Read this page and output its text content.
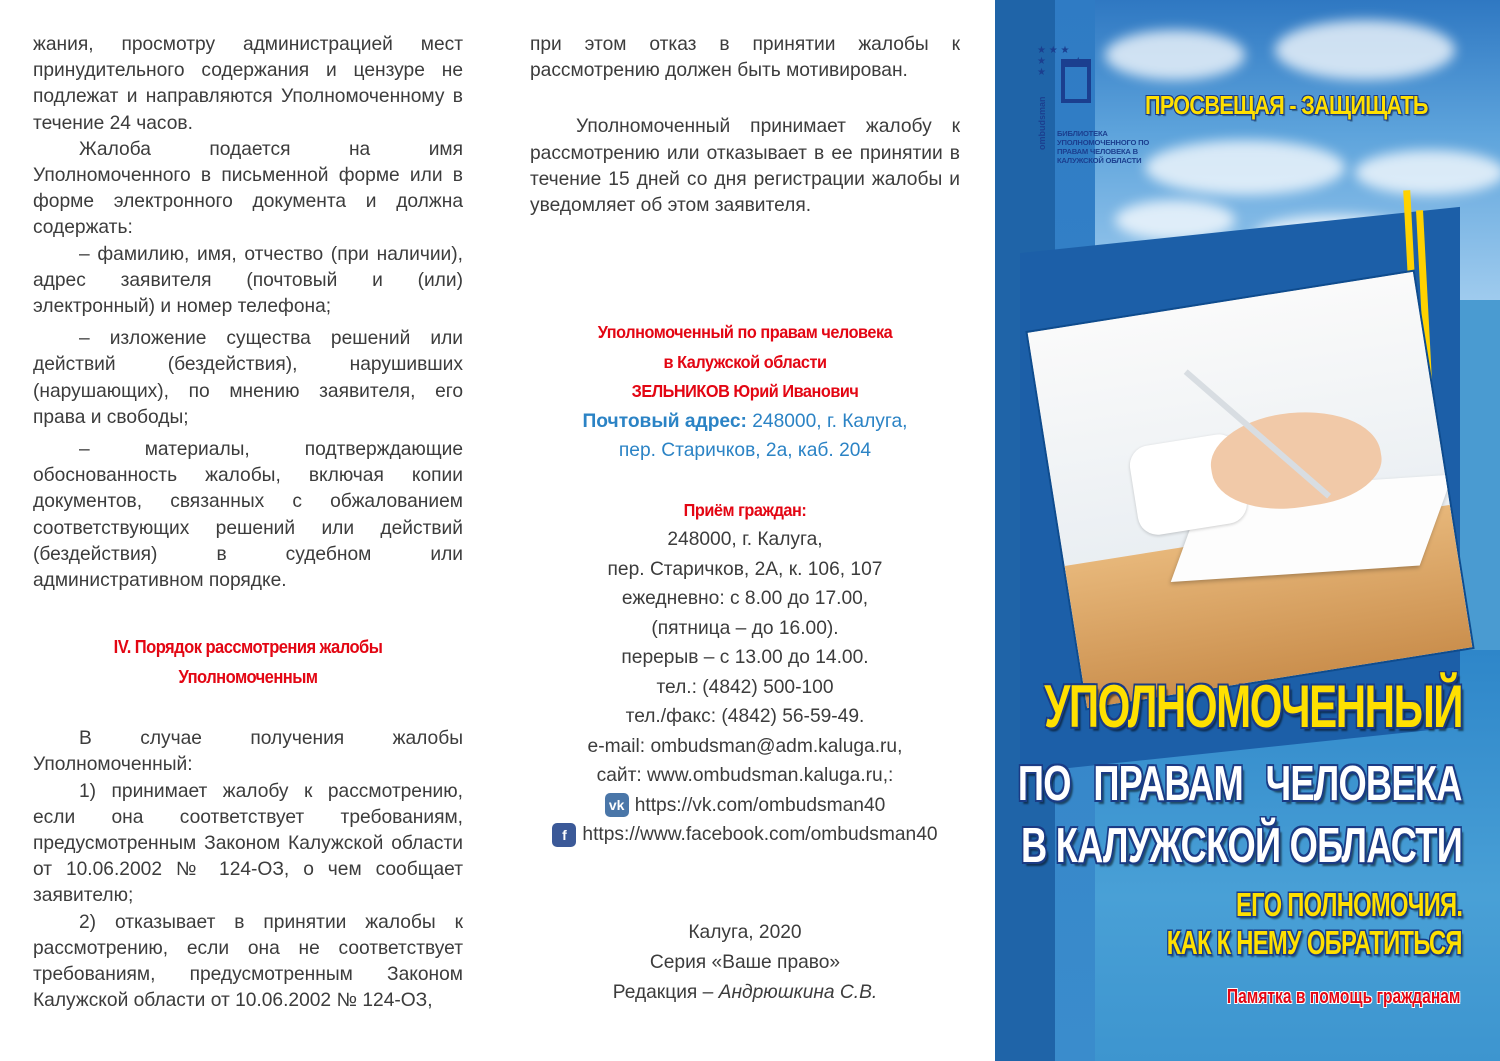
жания, просмотру администрацией мест принудительного содержания и цензуре не подлежат и направляются Уполномоченному в течение 24 часов.

Жалоба подается на имя Уполномоченного в письменной форме или в форме электронного документа и должна содержать:

– фамилию, имя, отчество (при наличии), адрес заявителя (почтовый и (или) электронный) и номер телефона;

– изложение существа решений или действий (бездействия), нарушивших (нарушающих), по мнению заявителя, его права и свободы;

– материалы, подтверждающие обоснованность жалобы, включая копии документов, связанных с обжалованием соответствующих решений или действий (бездействия) в судебном или административном порядке.

IV. Порядок рассмотрения жалобы
Уполномоченным

В случае получения жалобы Уполномоченный:

1) принимает жалобу к рассмотрению, если она соответствует требованиям, предусмотренным Законом Калужской области от 10.06.2002 № 124-ОЗ, о чем сообщает заявителю;

2) отказывает в принятии жалобы к рассмотрению, если она не соответствует требованиям, предусмотренным Законом Калужской области от 10.06.2002 № 124-ОЗ,

при этом отказ в принятии жалобы к рассмотрению должен быть мотивирован.

Уполномоченный принимает жалобу к рассмотрению или отказывает в ее принятии в течение 15 дней со дня регистрации жалобы и уведомляет об этом заявителя.

Уполномоченный по правам человека
в Калужской области
ЗЕЛЬНИКОВ Юрий Иванович
Почтовый адрес: 248000, г. Калуга,
пер. Старичков, 2а, каб. 204
Приём граждан:
248000, г. Калуга,
пер. Старичков, 2А, к. 106, 107
ежедневно: с 8.00 до 17.00,
(пятница – до 16.00).
перерыв – с 13.00 до 14.00.
тел.: (4842) 500-100
тел./факс: (4842) 56-59-49.
e-mail: ombudsman@adm.kaluga.ru,
сайт: www.ombudsman.kaluga.ru,:
vk https://vk.com/ombudsman40
f https://www.facebook.com/ombudsman40
Калуга, 2020
Серия «Ваше право»
Редакция – Андрюшкина С.В.
★ ★ ★
★          ★
★
ombudsman БИБЛИОТЕКА УПОЛНОМОЧЕННОГО ПО ПРАВАМ ЧЕЛОВЕКА В КАЛУЖСКОЙ ОБЛАСТИ
ПРОСВЕЩАЯ - ЗАЩИЩАТЬ
УПОЛНОМОЧЕННЫЙ
ПО ПРАВАМ ЧЕЛОВЕКА
В КАЛУЖСКОЙ ОБЛАСТИ
ЕГО ПОЛНОМОЧИЯ.
КАК К НЕМУ ОБРАТИТЬСЯ
Памятка в помощь гражданам
